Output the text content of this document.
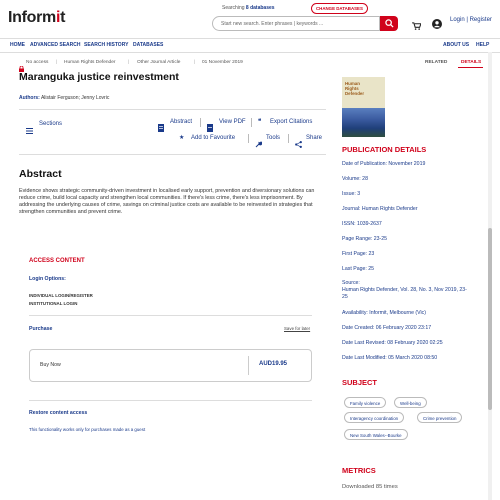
Informit
Searching 8 databases	CHANGE DATABASES
Start new search. Enter phrases | keywords ...
Login | Register
HOME ADVANCED SEARCH SEARCH HISTORY DATABASES	ABOUT US HELP
No access | Human Rights Defender	| Other Journal Article	| 01 November 2019	RELATED	DETAILS
Maranguka justice reinvestment
Authors: Alistair Ferguson; Jenny Lovric
Sections	Abstract	View PDF ❝ Export Citations
★ Add to Favourite	Tools	Share
Abstract

Evidence shows strategic community-driven investment in localised early support, prevention and diversionary solutions can reduce crime, build local capacity and strengthen local communities. If there's less crime, there's less imprisonment. By addressing the underlying causes of crime, savings on criminal justice costs are available to be reinvested in strategies that strengthen communities and prevent crime.

ACCESS CONTENT
Login Options:
INDIVIDUAL LOGIN/REGISTER
INSTITUTIONAL LOGIN
Purchase	Save for later
Buy Now	AUD19.95
Restore content access
This functionality works only for purchases made as a guest
Human
Rights
Defender
PUBLICATION DETAILS
Date of Publication: November 2019
Volume: 28
Issue: 3
Journal: Human Rights Defender
ISSN: 1039-2637
Page Range: 23-25
First Page: 23
Last Page: 25
Source:
Human Rights Defender, Vol. 28, No. 3, Nov 2019, 23-25
Availability: Informit, Melbourne (Vic)
Date Created: 06 February 2020 23:17
Date Last Revised: 08 February 2020 02:25
Date Last Modified: 05 March 2020 08:50
SUBJECT
Family violence	Well-being
Interagency coordination	Crime prevention
New South Wales--Bourke
METRICS
Downloaded 85 times
